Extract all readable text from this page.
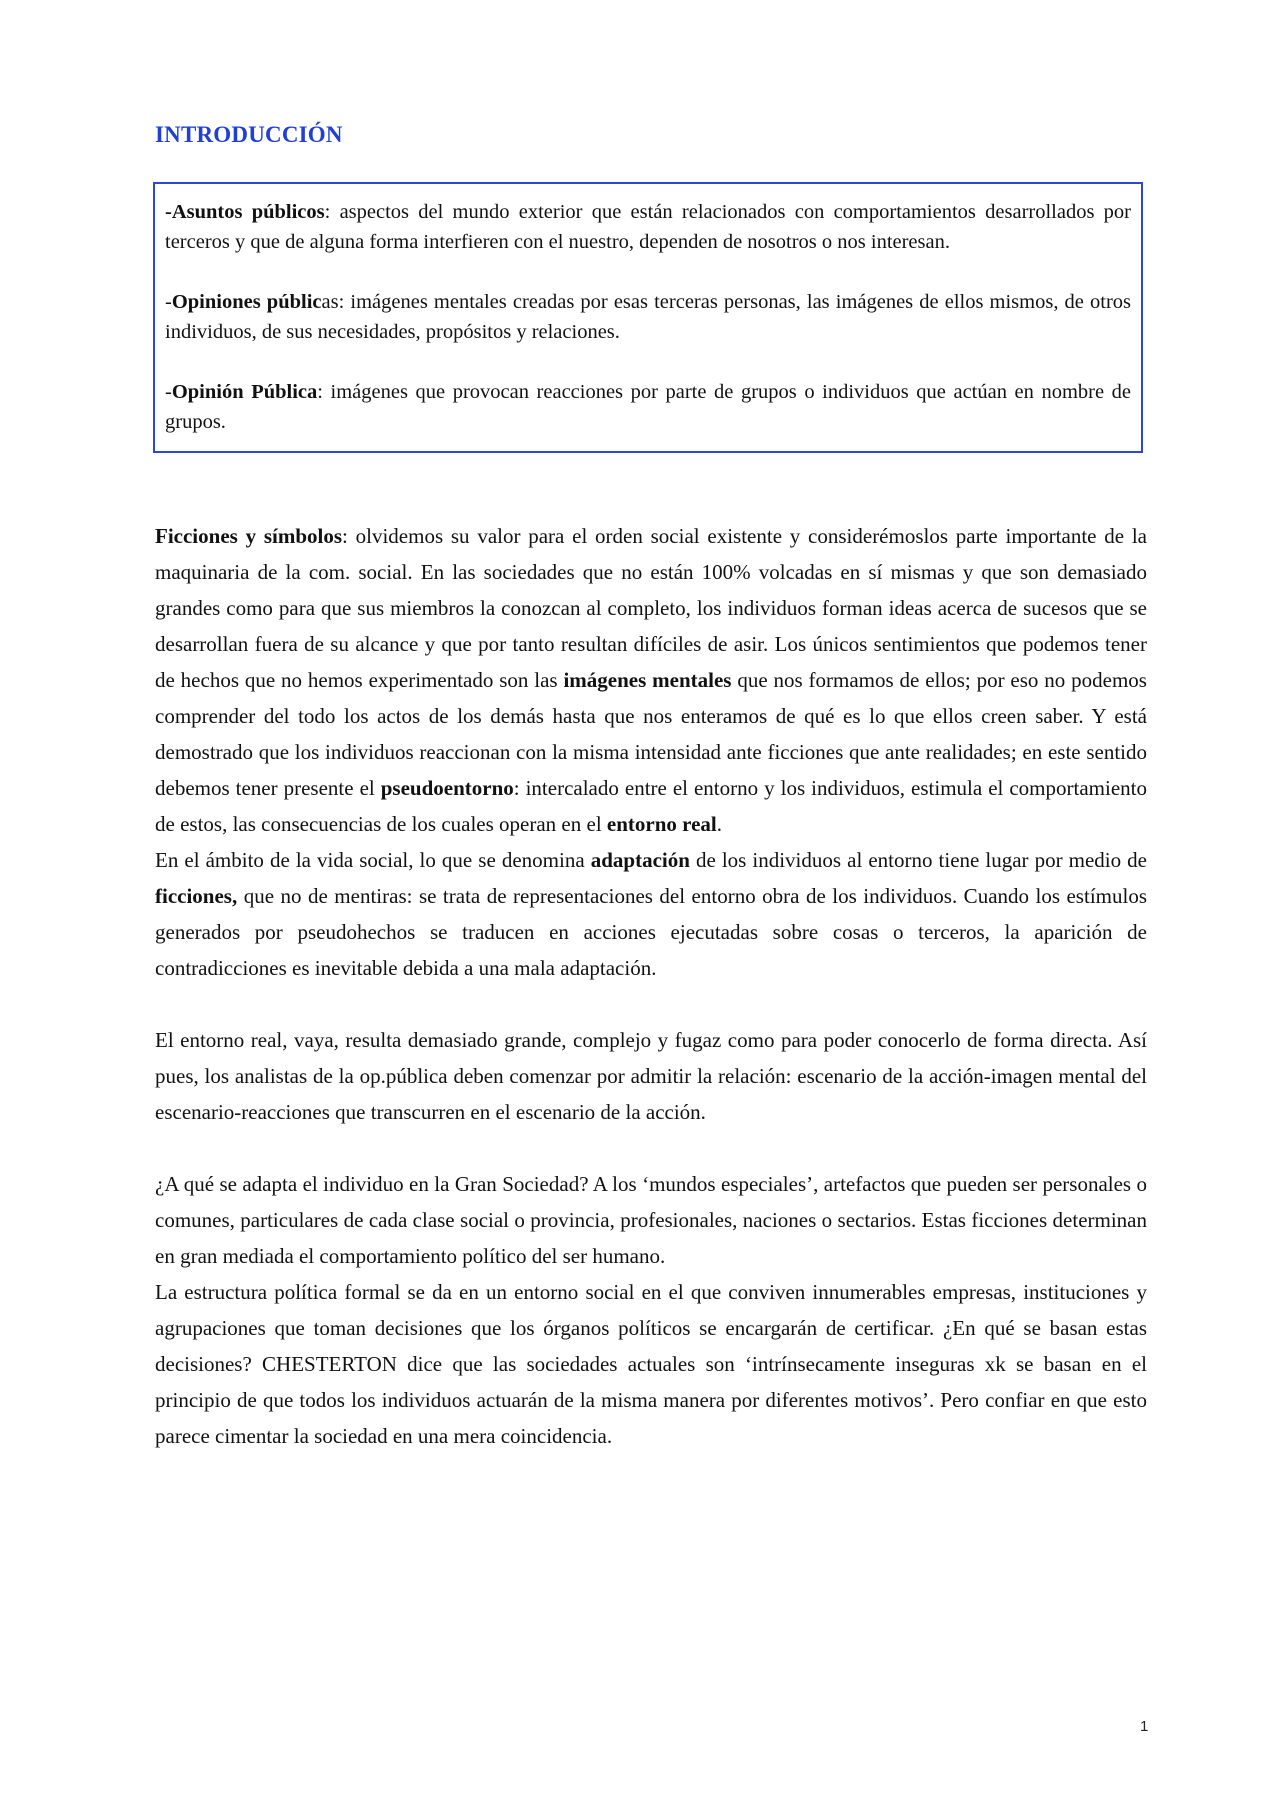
INTRODUCCIÓN

-Asuntos públicos: aspectos del mundo exterior que están relacionados con comportamientos desarrollados por terceros y que de alguna forma interfieren con el nuestro, dependen de nosotros o nos interesan.

-Opiniones públicas: imágenes mentales creadas por esas terceras personas, las imágenes de ellos mismos, de otros individuos, de sus necesidades, propósitos y relaciones.

-Opinión Pública: imágenes que provocan reacciones por parte de grupos o individuos que actúan en nombre de grupos.

Ficciones y símbolos: olvidemos su valor para el orden social existente y considerémoslos parte importante de la maquinaria de la com. social. En las sociedades que no están 100% volcadas en sí mismas y que son demasiado grandes como para que sus miembros la conozcan al completo, los individuos forman ideas acerca de sucesos que se desarrollan fuera de su alcance y que por tanto resultan difíciles de asir. Los únicos sentimientos que podemos tener de hechos que no hemos experimentado son las imágenes mentales que nos formamos de ellos; por eso no podemos comprender del todo los actos de los demás hasta que nos enteramos de qué es lo que ellos creen saber. Y está demostrado que los individuos reaccionan con la misma intensidad ante ficciones que ante realidades; en este sentido debemos tener presente el pseudoentorno: intercalado entre el entorno y los individuos, estimula el comportamiento de estos, las consecuencias de los cuales operan en el entorno real.

En el ámbito de la vida social, lo que se denomina adaptación de los individuos al entorno tiene lugar por medio de ficciones, que no de mentiras: se trata de representaciones del entorno obra de los individuos. Cuando los estímulos generados por pseudohechos se traducen en acciones ejecutadas sobre cosas o terceros, la aparición de contradicciones es inevitable debida a una mala adaptación.

El entorno real, vaya, resulta demasiado grande, complejo y fugaz como para poder conocerlo de forma directa. Así pues, los analistas de la op.pública deben comenzar por admitir la relación: escenario de la acción-imagen mental del escenario-reacciones que transcurren en el escenario de la acción.

¿A qué se adapta el individuo en la Gran Sociedad? A los ‘mundos especiales’, artefactos que pueden ser personales o comunes, particulares de cada clase social o provincia, profesionales, naciones o sectarios. Estas ficciones determinan en gran mediada el comportamiento político del ser humano.

La estructura política formal se da en un entorno social en el que conviven innumerables empresas, instituciones y agrupaciones que toman decisiones que los órganos políticos se encargarán de certificar. ¿En qué se basan estas decisiones? CHESTERTON dice que las sociedades actuales son ‘intrínsecamente inseguras xk se basan en el principio de que todos los individuos actuarán de la misma manera por diferentes motivos’. Pero confiar en que esto parece cimentar la sociedad en una mera coincidencia.

1
